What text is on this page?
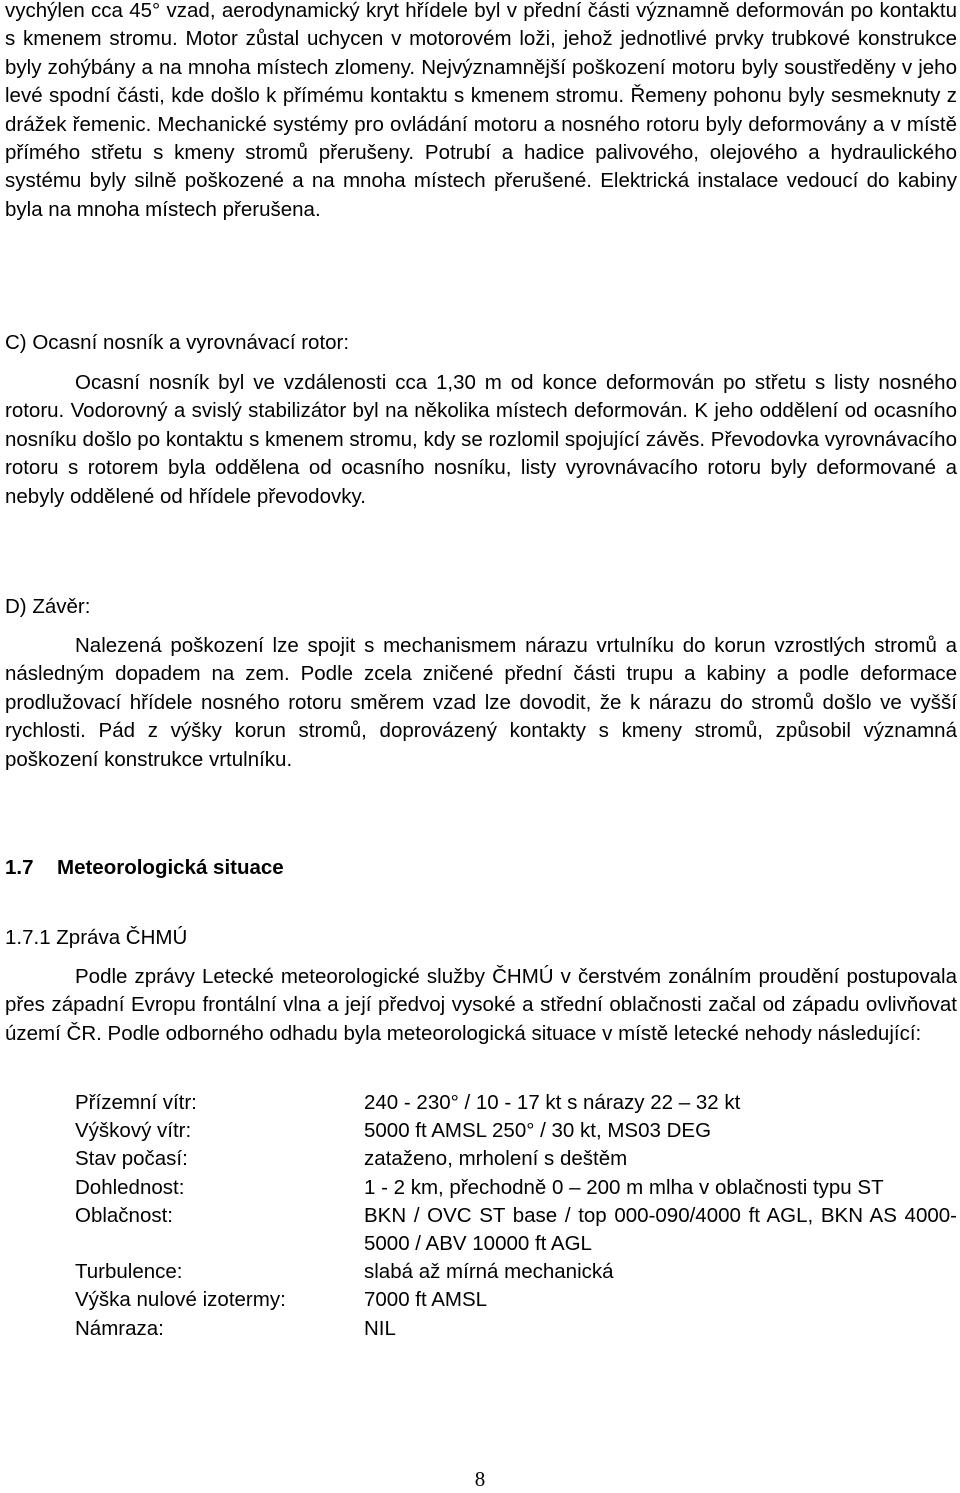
vychýlen cca 45° vzad, aerodynamický kryt hřídele byl v přední části významně deformován po kontaktu s kmenem stromu. Motor zůstal uchycen v motorovém loži, jehož jednotlivé prvky trubkové konstrukce byly zohýbány a na mnoha místech zlomeny. Nejvýznamnější poškození motoru byly soustředěny v jeho levé spodní části, kde došlo k přímému kontaktu s kmenem stromu. Řemeny pohonu byly sesmeknuty z drážek řemenic. Mechanické systémy pro ovládání motoru a nosného rotoru byly deformovány a v místě přímého střetu s kmeny stromů přerušeny. Potrubí a hadice palivového, olejového a hydraulického systému byly silně poškozené a na mnoha místech přerušené. Elektrická instalace vedoucí do kabiny byla na mnoha místech přerušena.

C) Ocasní nosník a vyrovnávací rotor:

Ocasní nosník byl ve vzdálenosti cca 1,30 m od konce deformován po střetu s listy nosného rotoru. Vodorovný a svislý stabilizátor byl na několika místech deformován. K jeho oddělení od ocasního nosníku došlo po kontaktu s kmenem stromu, kdy se rozlomil spojující závěs. Převodovka vyrovnávacího rotoru s rotorem byla oddělena od ocasního nosníku, listy vyrovnávacího rotoru byly deformované a nebyly oddělené od hřídele převodovky.

D) Závěr:

Nalezená poškození lze spojit s mechanismem nárazu vrtulníku do korun vzrostlých stromů a následným dopadem na zem. Podle zcela zničené přední části trupu a kabiny a podle deformace prodlužovací hřídele nosného rotoru směrem vzad lze dovodit, že k nárazu do stromů došlo ve vyšší rychlosti. Pád z výšky korun stromů, doprovázený kontakty s kmeny stromů, způsobil významná poškození konstrukce vrtulníku.

1.7 Meteorologická situace

1.7.1 Zpráva ČHMÚ

Podle zprávy Letecké meteorologické služby ČHMÚ v čerstvém zonálním proudění postupovala přes západní Evropu frontální vlna a její předvoj vysoké a střední oblačnosti začal od západu ovlivňovat území ČR. Podle odborného odhadu byla meteorologická situace v místě letecké nehody následující:

Přízemní vítr:	240 - 230° / 10 - 17 kt s nárazy 22 – 32 kt
Výškový vítr:	5000 ft AMSL 250° / 30 kt, MS03 DEG
Stav počasí:	zataženo, mrholení s deštěm
Dohlednost:	1 - 2 km, přechodně 0 – 200 m mlha v oblačnosti typu ST
Oblačnost:	BKN / OVC ST base / top 000-090/4000 ft AGL, BKN AS 4000-5000 / ABV 10000 ft AGL
Turbulence:	slabá až mírná mechanická
Výška nulové izotermy:	7000 ft AMSL
Námraza:	NIL
8
